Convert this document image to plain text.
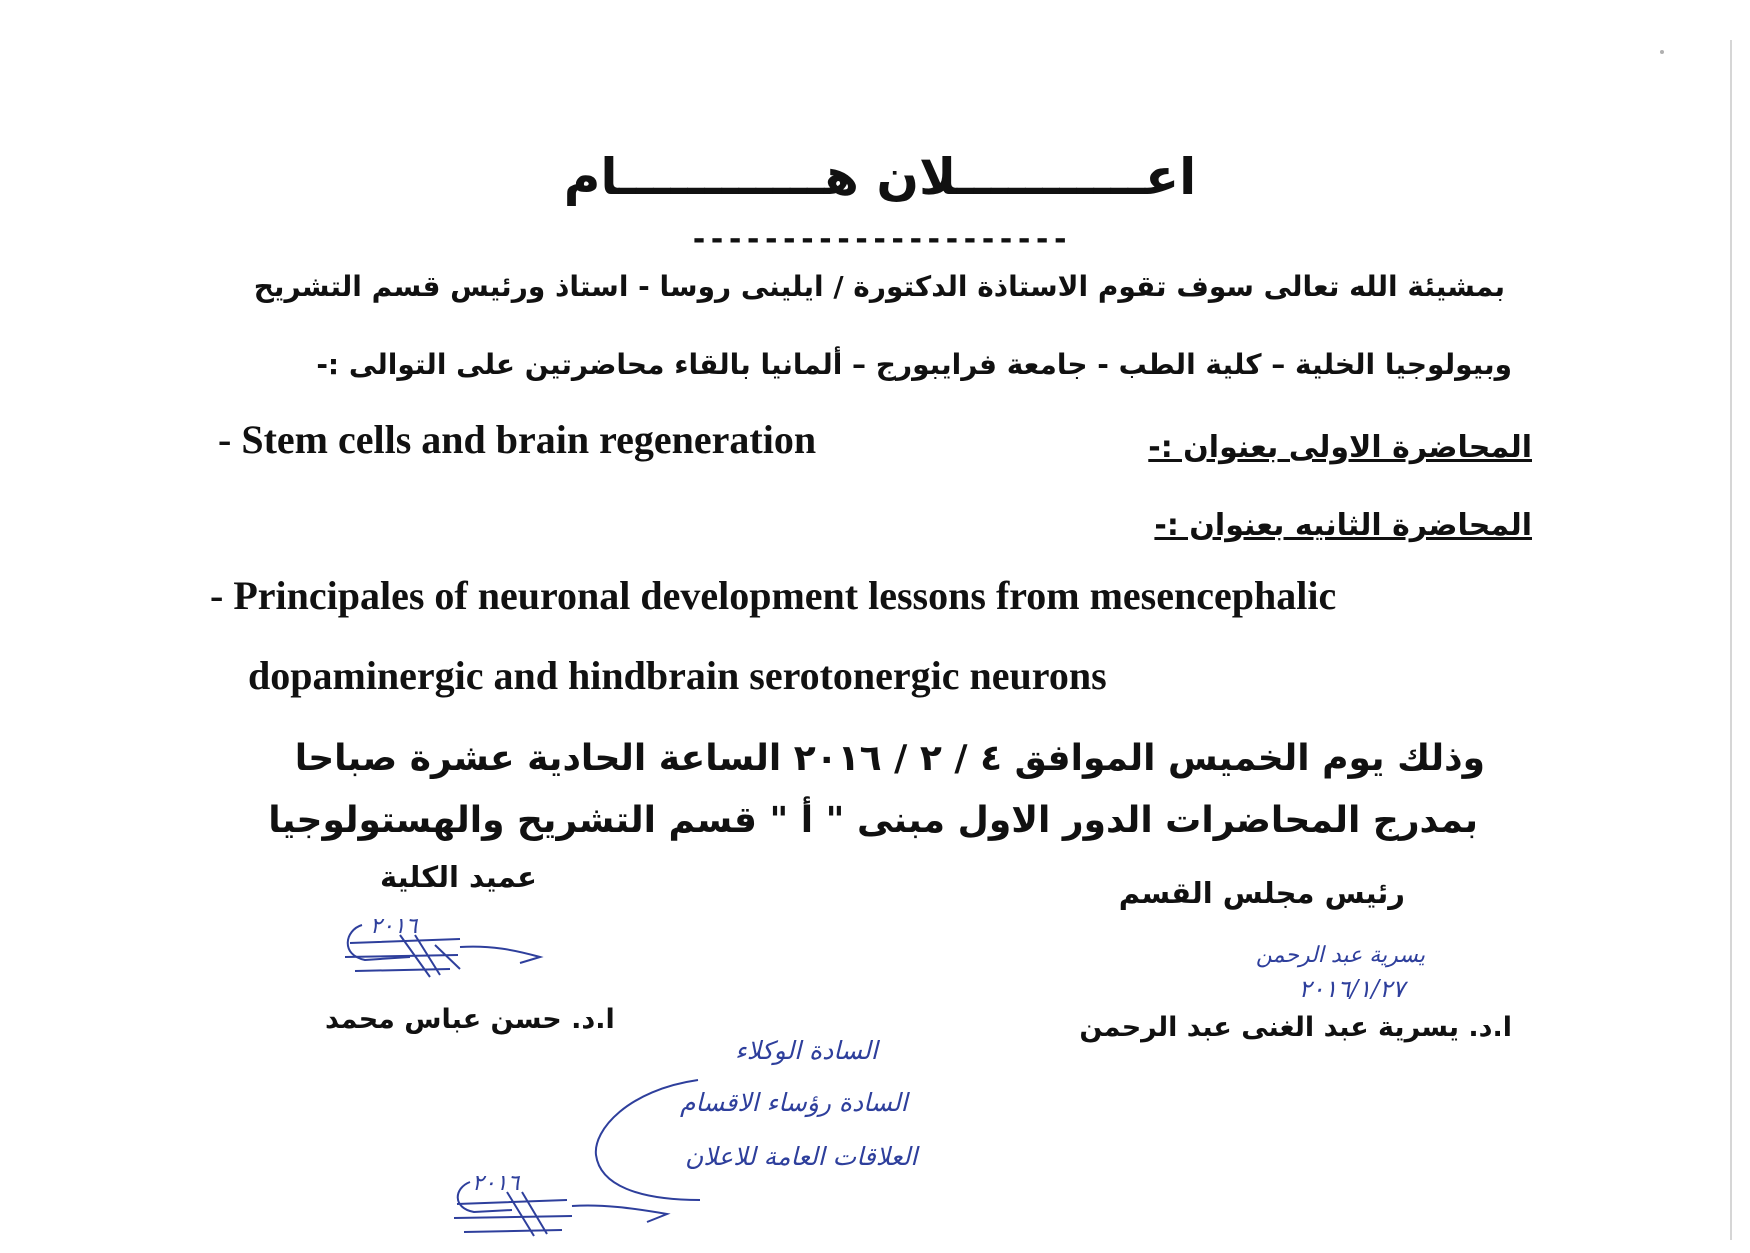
اعـــــــــــلان هــــــــــــام
---------------------
بمشيئة الله تعالى سوف تقوم الاستاذة الدكتورة / ايلينى روسا - استاذ ورئيس قسم التشريح
وبيولوجيا الخلية – كلية الطب - جامعة فرايبورج – ألمانيا بالقاء محاضرتين على التوالى :-
المحاضرة الاولى بعنوان :-
- Stem cells and brain regeneration
المحاضرة الثانيه بعنوان :-
- Principales of neuronal development lessons from mesencephalic
dopaminergic and hindbrain serotonergic neurons
وذلك يوم الخميس الموافق ٤ / ٢ / ٢٠١٦ الساعة الحادية عشرة صباحا
بمدرج المحاضرات الدور الاول مبنى " أ " قسم التشريح والهستولوجيا
رئيس مجلس القسم
عميد الكلية
يسرية عبد الرحمن
٢٠١٦/١/٢٧
٢٠١٦
ا.د. يسرية عبد الغنى عبد الرحمن
ا.د. حسن عباس محمد
السادة الوكلاء
السادة رؤساء الاقسام
العلاقات العامة للاعلان
٢٠١٦
